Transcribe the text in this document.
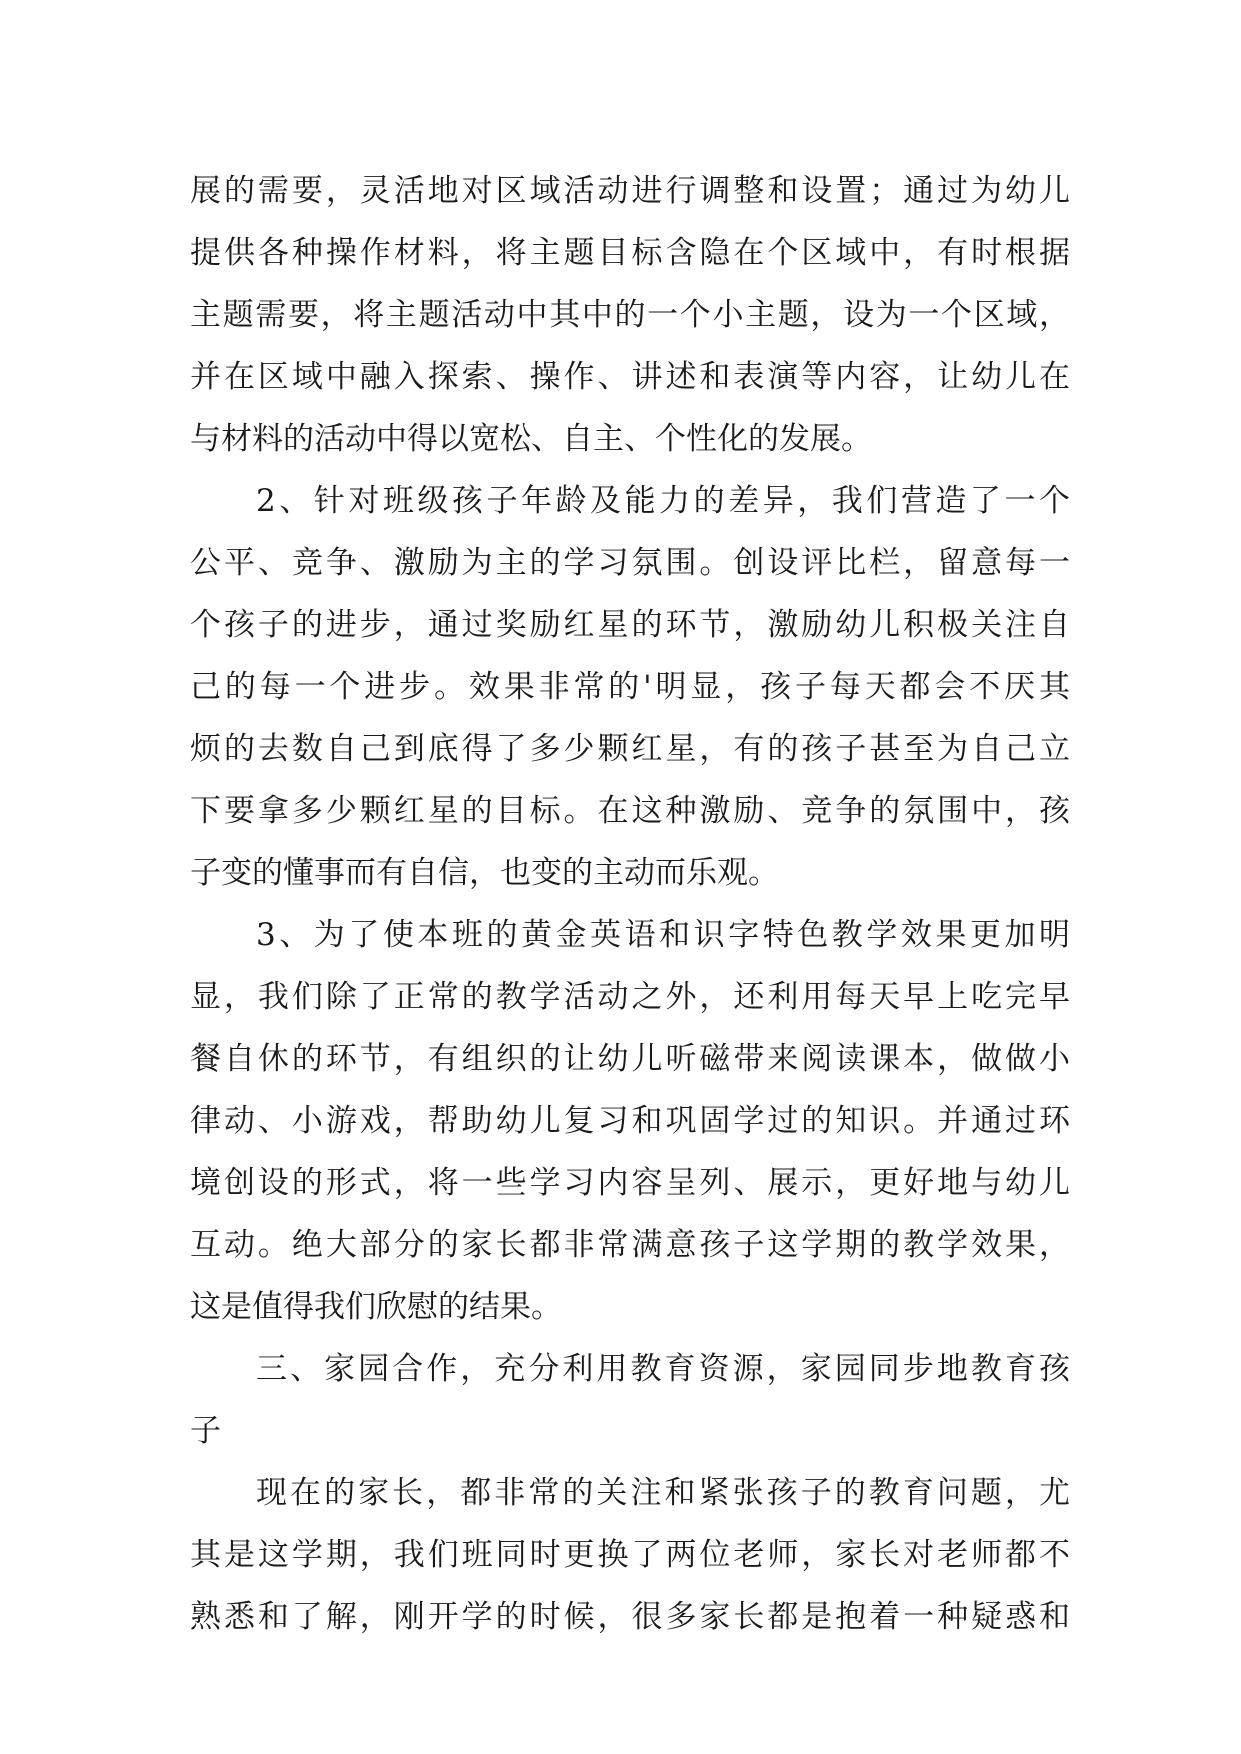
展的需要，灵活地对区域活动进行调整和设置；通过为幼儿
提供各种操作材料，将主题目标含隐在个区域中，有时根据
主题需要，将主题活动中其中的一个小主题，设为一个区域，
并在区域中融入探索、操作、讲述和表演等内容，让幼儿在
与材料的活动中得以宽松、自主、个性化的发展。
2、针对班级孩子年龄及能力的差异，我们营造了一个
公平、竞争、激励为主的学习氛围。创设评比栏，留意每一
个孩子的进步，通过奖励红星的环节，激励幼儿积极关注自
己的每一个进步。效果非常的'明显，孩子每天都会不厌其
烦的去数自己到底得了多少颗红星，有的孩子甚至为自己立
下要拿多少颗红星的目标。在这种激励、竞争的氛围中，孩
子变的懂事而有自信，也变的主动而乐观。
3、为了使本班的黄金英语和识字特色教学效果更加明
显，我们除了正常的教学活动之外，还利用每天早上吃完早
餐自休的环节，有组织的让幼儿听磁带来阅读课本，做做小
律动、小游戏，帮助幼儿复习和巩固学过的知识。并通过环
境创设的形式，将一些学习内容呈列、展示，更好地与幼儿
互动。绝大部分的家长都非常满意孩子这学期的教学效果，
这是值得我们欣慰的结果。
三、家园合作，充分利用教育资源，家园同步地教育孩
子
现在的家长，都非常的关注和紧张孩子的教育问题，尤
其是这学期，我们班同时更换了两位老师，家长对老师都不
熟悉和了解，刚开学的时候，很多家长都是抱着一种疑惑和
